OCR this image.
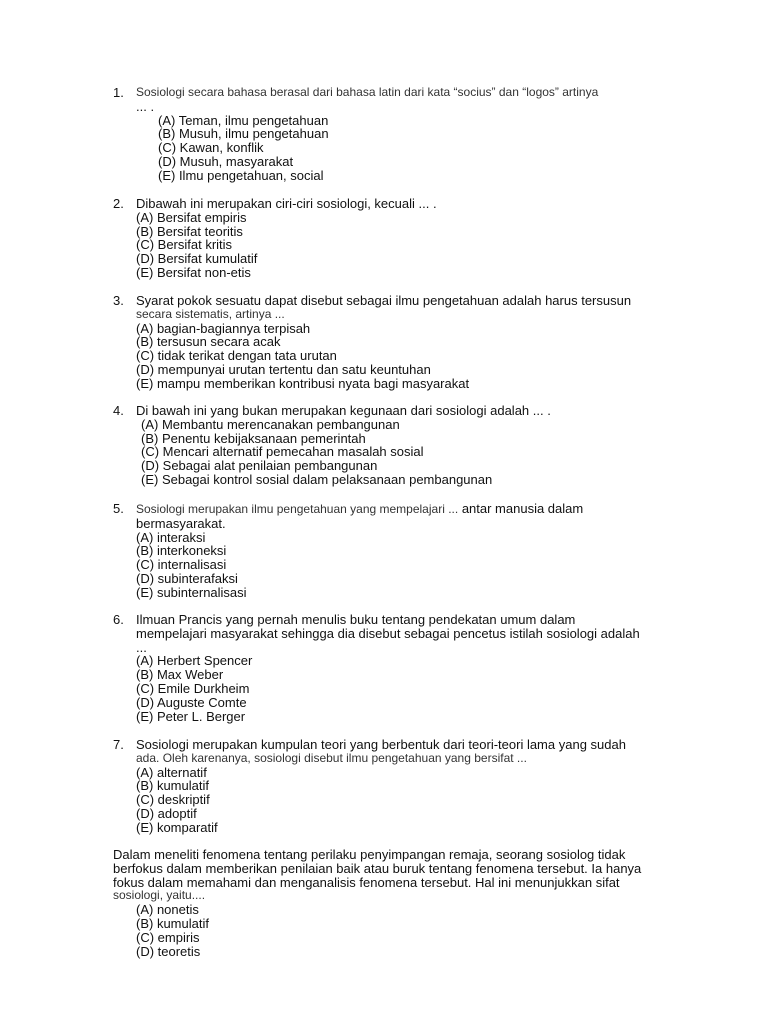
1. Sosiologi secara bahasa berasal dari bahasa latin dari kata “socius” dan “logos” artinya
... .
(A) Teman, ilmu pengetahuan
(B) Musuh, ilmu pengetahuan
(C) Kawan, konflik
(D) Musuh, masyarakat
(E) Ilmu pengetahuan, social
2. Dibawah ini merupakan ciri-ciri sosiologi, kecuali ... .
(A) Bersifat empiris
(B) Bersifat teoritis
(C) Bersifat kritis
(D) Bersifat kumulatif
(E) Bersifat non-etis
3. Syarat pokok sesuatu dapat disebut sebagai ilmu pengetahuan adalah harus tersusun
secara sistematis, artinya ...
(A) bagian-bagiannya terpisah
(B) tersusun secara acak
(C) tidak terikat dengan tata urutan
(D) mempunyai urutan tertentu dan satu keuntuhan
(E) mampu memberikan kontribusi nyata bagi masyarakat
4. Di bawah ini yang bukan merupakan kegunaan dari sosiologi adalah ... .
(A) Membantu merencanakan pembangunan
(B) Penentu kebijaksanaan pemerintah
(C) Mencari alternatif pemecahan masalah sosial
(D) Sebagai alat penilaian pembangunan
(E) Sebagai kontrol sosial dalam pelaksanaan pembangunan
5. Sosiologi merupakan ilmu pengetahuan yang mempelajari ... antar manusia dalam
bermasyarakat.
(A) interaksi
(B) interkoneksi
(C) internalisasi
(D) subinterafaksi
(E) subinternalisasi
6. Ilmuan Prancis yang pernah menulis buku tentang pendekatan umum dalam
mempelajari masyarakat sehingga dia disebut sebagai pencetus istilah sosiologi adalah
...
(A) Herbert Spencer
(B) Max Weber
(C) Emile Durkheim
(D) Auguste Comte
(E) Peter L. Berger
7. Sosiologi merupakan kumpulan teori yang berbentuk dari teori-teori lama yang sudah
ada. Oleh karenanya, sosiologi disebut ilmu pengetahuan yang bersifat ...
(A) alternatif
(B) kumulatif
(C) deskriptif
(D) adoptif
(E) komparatif
Dalam meneliti fenomena tentang perilaku penyimpangan remaja, seorang sosiolog tidak
berfokus dalam memberikan penilaian baik atau buruk tentang fenomena tersebut. Ia hanya
fokus dalam memahami dan menganalisis fenomena tersebut. Hal ini menunjukkan sifat
sosiologi, yaitu....
(A) nonetis
(B) kumulatif
(C) empiris
(D) teoretis
